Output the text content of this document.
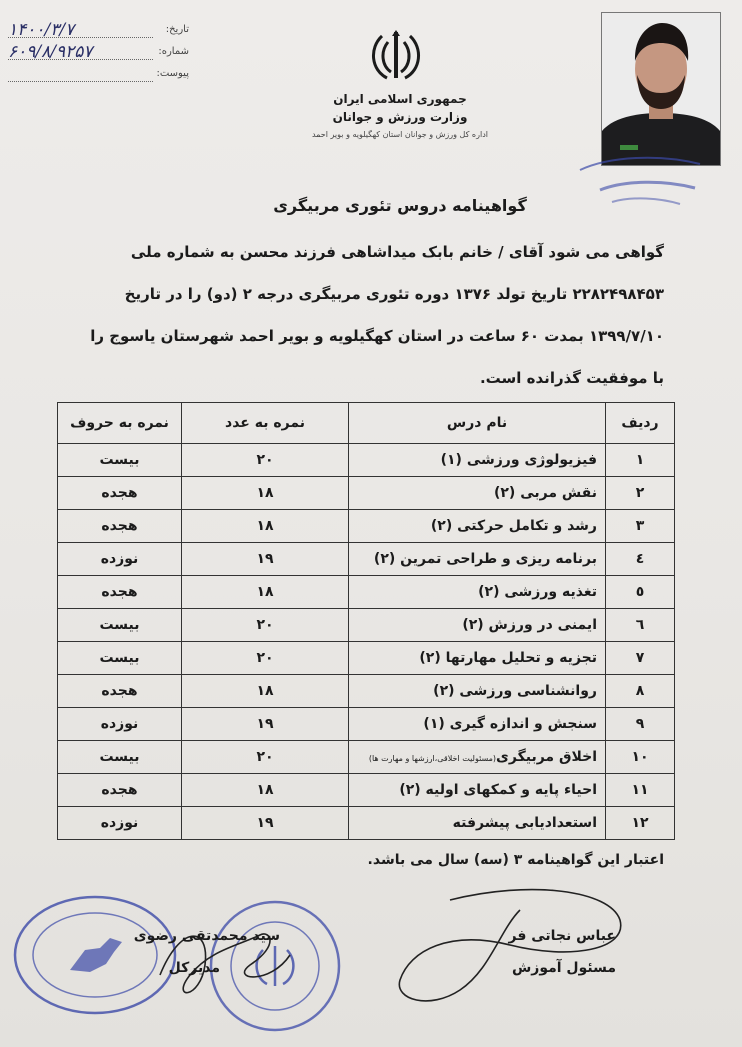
۱۴۰۰/۳/۷	تاریخ:
۶۰۹/۸/۹۲۵۷	شماره:
پیوست:
جمهوری اسلامی ایران
وزارت ورزش و جوانان
اداره کل ورزش و جوانان استان کهگیلویه و بویر احمد
گواهینامه دروس تئوری مربیگری
گواهی می شود آقای / خانم بابک میداشاهی فرزند محسن به شماره ملی
۲۲۸۲۴۹۸۴۵۳ تاریخ تولد ۱۳۷۶ دوره تئوری مربیگری درجه ۲ (دو) را در تاریخ
۱۳۹۹/۷/۱۰ بمدت ۶۰ ساعت در استان کهگیلویه و بویر احمد شهرستان یاسوج را
با موفقیت گذرانده است.
ردیف	نام درس	نمره به عدد	نمره به حروف
۱	فیزیولوژی ورزشی (۱)	۲۰	بیست
۲	نقش مربی (۲)	۱۸	هجده
۳	رشد و تکامل حرکتی (۲)	۱۸	هجده
٤	برنامه ریزی و طراحی تمرین (۲)	۱۹	نوزده
٥	تغذیه ورزشی (۲)	۱۸	هجده
٦	ایمنی در ورزش (۲)	۲۰	بیست
۷	تجزیه و تحلیل مهارتها (۲)	۲۰	بیست
۸	روانشناسی ورزشی (۲)	۱۸	هجده
۹	سنجش و اندازه گیری (۱)	۱۹	نوزده
۱۰	اخلاق مربیگری(مسئولیت اخلاقی،ارزشها و مهارت ها)	۲۰	بیست
۱۱	احیاء پایه و کمکهای اولیه (۲)	۱۸	هجده
۱۲	استعدادیابی پیشرفته	۱۹	نوزده
اعتبار این گواهینامه ۳ (سه) سال می باشد.
سید محمدتقی رضوی
مدیرکل
عباس نجاتی فر
مسئول آموزش
